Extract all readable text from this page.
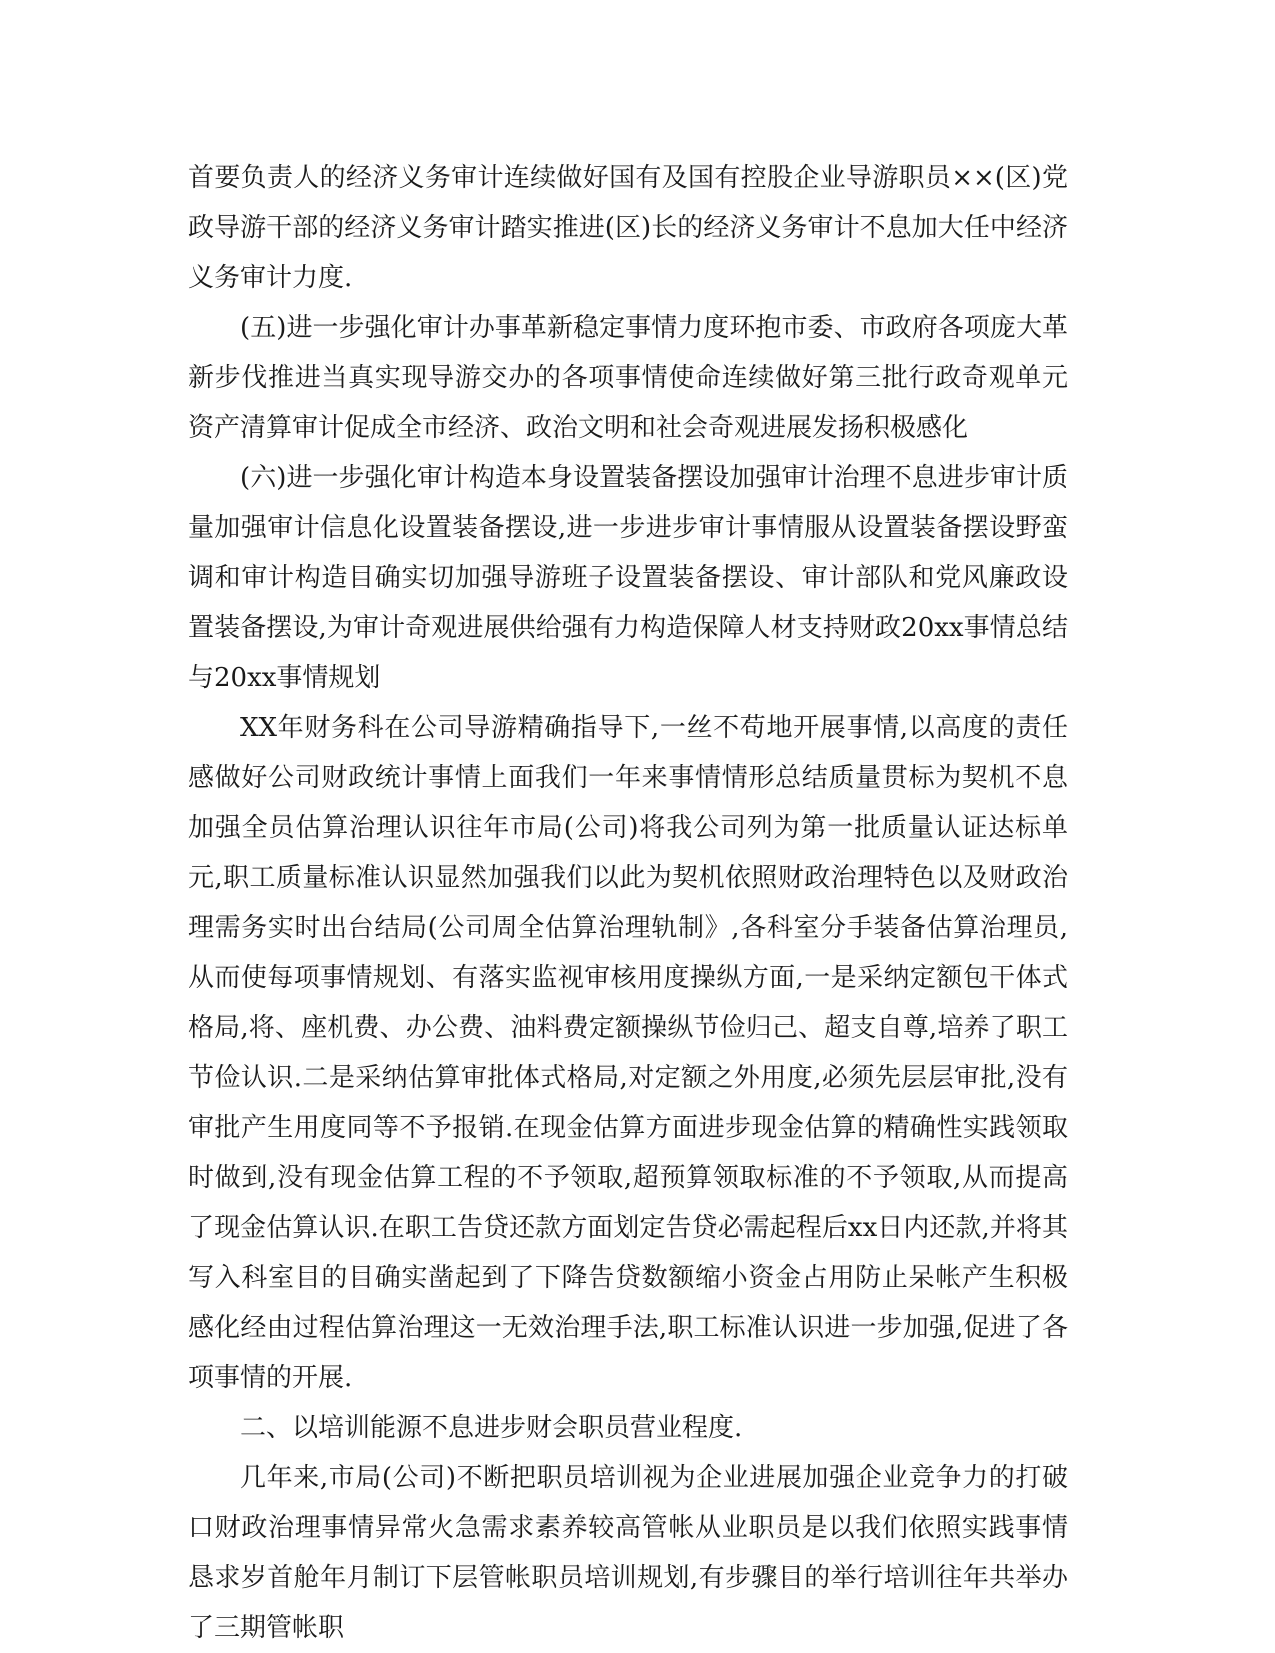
首要负责人的经济义务审计连续做好国有及国有控股企业导游职员××(区)党政导游干部的经济义务审计踏实推进(区)长的经济义务审计不息加大任中经济义务审计力度.

(五)进一步强化审计办事革新稳定事情力度环抱市委、市政府各项庞大革新步伐推进当真实现导游交办的各项事情使命连续做好第三批行政奇观单元资产清算审计促成全市经济、政治文明和社会奇观进展发扬积极感化

(六)进一步强化审计构造本身设置装备摆设加强审计治理不息进步审计质量加强审计信息化设置装备摆设,进一步进步审计事情服从设置装备摆设野蛮调和审计构造目确实切加强导游班子设置装备摆设、审计部队和党风廉政设置装备摆设,为审计奇观进展供给强有力构造保障人材支持财政20xx事情总结与20xx事情规划

XX年财务科在公司导游精确指导下,一丝不苟地开展事情,以高度的责任感做好公司财政统计事情上面我们一年来事情情形总结质量贯标为契机不息加强全员估算治理认识往年市局(公司)将我公司列为第一批质量认证达标单元,职工质量标准认识显然加强我们以此为契机依照财政治理特色以及财政治理需务实时出台结局(公司周全估算治理轨制》,各科室分手装备估算治理员,从而使每项事情规划、有落实监视审核用度操纵方面,一是采纳定额包干体式格局,将、座机费、办公费、油料费定额操纵节俭归己、超支自尊,培养了职工节俭认识.二是采纳估算审批体式格局,对定额之外用度,必须先层层审批,没有审批产生用度同等不予报销.在现金估算方面进步现金估算的精确性实践领取时做到,没有现金估算工程的不予领取,超预算领取标准的不予领取,从而提高了现金估算认识.在职工告贷还款方面划定告贷必需起程后xx日内还款,并将其写入科室目的目确实凿起到了下降告贷数额缩小资金占用防止呆帐产生积极感化经由过程估算治理这一无效治理手法,职工标准认识进一步加强,促进了各项事情的开展.

二、以培训能源不息进步财会职员营业程度.

几年来,市局(公司)不断把职员培训视为企业进展加强企业竞争力的打破口财政治理事情异常火急需求素养较高管帐从业职员是以我们依照实践事情恳求岁首舱年月制订下层管帐职员培训规划,有步骤目的举行培训往年共举办了三期管帐职
